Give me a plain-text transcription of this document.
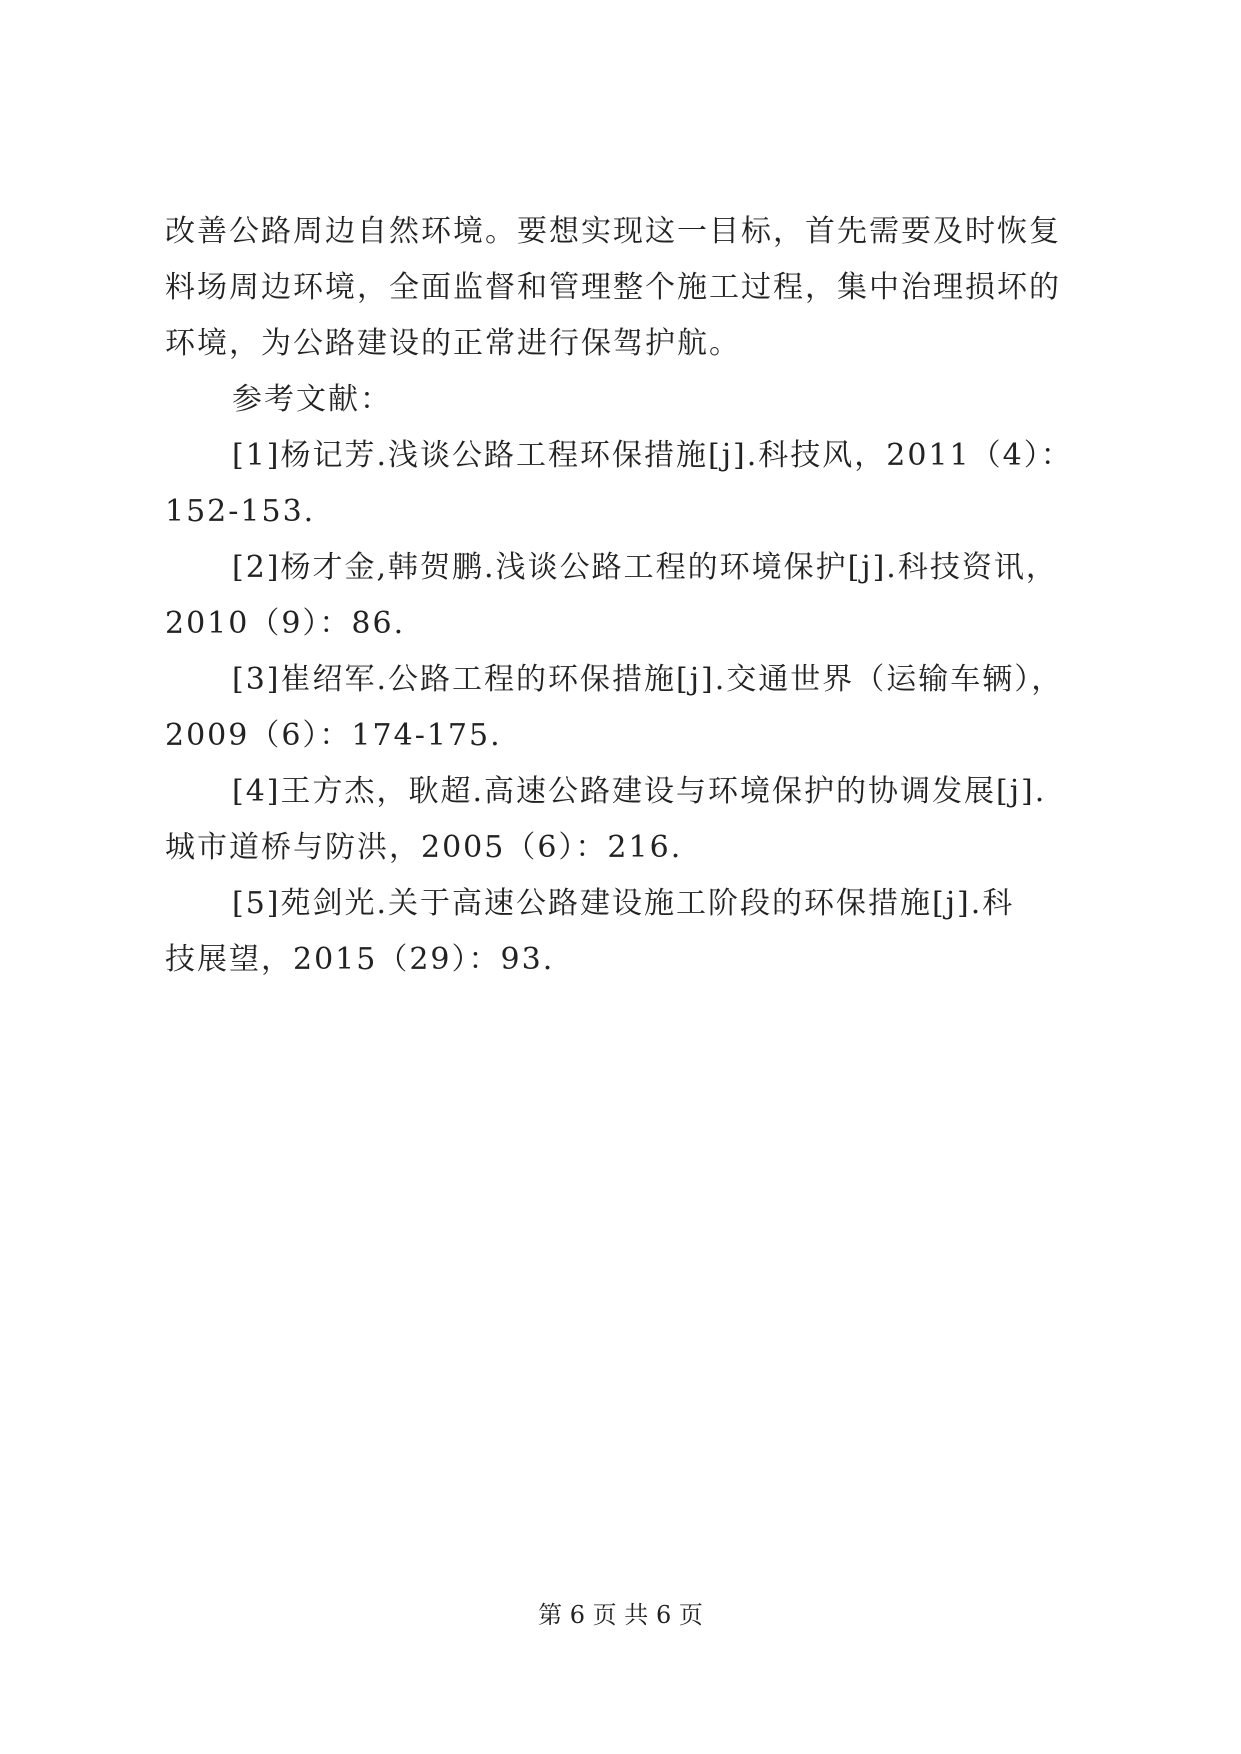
改善公路周边自然环境。要想实现这一目标，首先需要及时恢复
料场周边环境，全面监督和管理整个施工过程，集中治理损坏的
环境，为公路建设的正常进行保驾护航。
参考文献：
[1]杨记芳.浅谈公路工程环保措施[j].科技风，2011（4）：
152-153.
[2]杨才金,韩贺鹏.浅谈公路工程的环境保护[j].科技资讯，
2010（9）：86.
[3]崔绍军.公路工程的环保措施[j].交通世界（运输车辆），
2009（6）：174-175.
[4]王方杰，耿超.高速公路建设与环境保护的协调发展[j].
城市道桥与防洪，2005（6）：216.
[5]苑剑光.关于高速公路建设施工阶段的环保措施[j].科
技展望，2015（29）：93.
第 6 页 共 6 页
